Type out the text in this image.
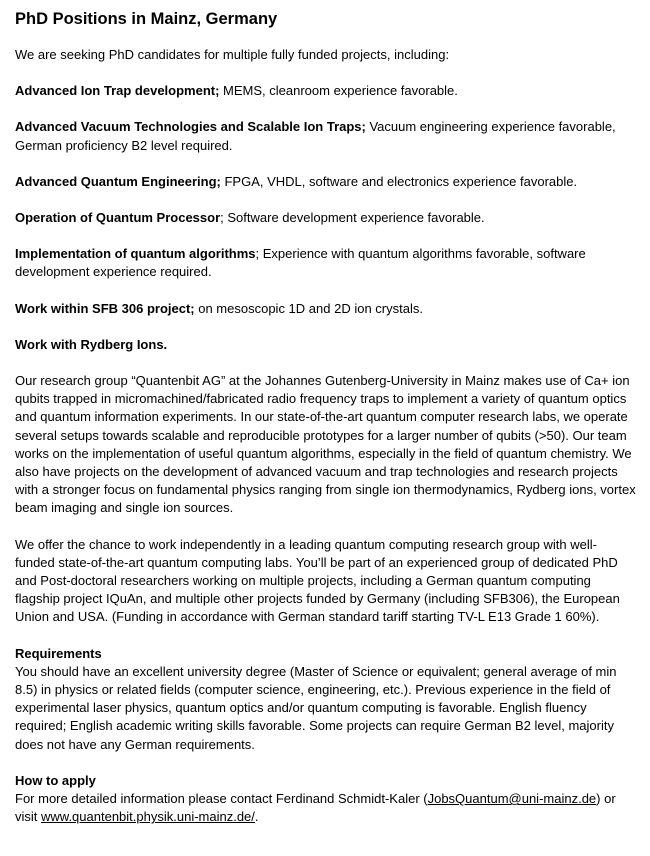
PhD Positions in Mainz, Germany

We are seeking PhD candidates for multiple fully funded projects, including:

Advanced Ion Trap development; MEMS, cleanroom experience favorable.

Advanced Vacuum Technologies and Scalable Ion Traps; Vacuum engineering experience favorable, German proficiency B2 level required.

Advanced Quantum Engineering; FPGA, VHDL, software and electronics experience favorable.

Operation of Quantum Processor; Software development experience favorable.

Implementation of quantum algorithms; Experience with quantum algorithms favorable, software development experience required.

Work within SFB 306 project; on mesoscopic 1D and 2D ion crystals.

Work with Rydberg Ions.

Our research group “Quantenbit AG” at the Johannes Gutenberg-University in Mainz makes use of Ca+ ion qubits trapped in micromachined/fabricated radio frequency traps to implement a variety of quantum optics and quantum information experiments. In our state-of-the-art quantum computer research labs, we operate several setups towards scalable and reproducible prototypes for a larger number of qubits (>50). Our team works on the implementation of useful quantum algorithms, especially in the field of quantum chemistry. We also have projects on the development of advanced vacuum and trap technologies and research projects with a stronger focus on fundamental physics ranging from single ion thermodynamics, Rydberg ions, vortex beam imaging and single ion sources.

We offer the chance to work independently in a leading quantum computing research group with well-funded state-of-the-art quantum computing labs. You’ll be part of an experienced group of dedicated PhD and Post-doctoral researchers working on multiple projects, including a German quantum computing flagship project IQuAn, and multiple other projects funded by Germany (including SFB306), the European Union and USA. (Funding in accordance with German standard tariff starting TV-L E13 Grade 1 60%).

Requirements
You should have an excellent university degree (Master of Science or equivalent; general average of min 8.5) in physics or related fields (computer science, engineering, etc.). Previous experience in the field of experimental laser physics, quantum optics and/or quantum computing is favorable. English fluency required; English academic writing skills favorable. Some projects can require German B2 level, majority does not have any German requirements.

How to apply
For more detailed information please contact Ferdinand Schmidt-Kaler (JobsQuantum@uni-mainz.de) or visit www.quantenbit.physik.uni-mainz.de/.
